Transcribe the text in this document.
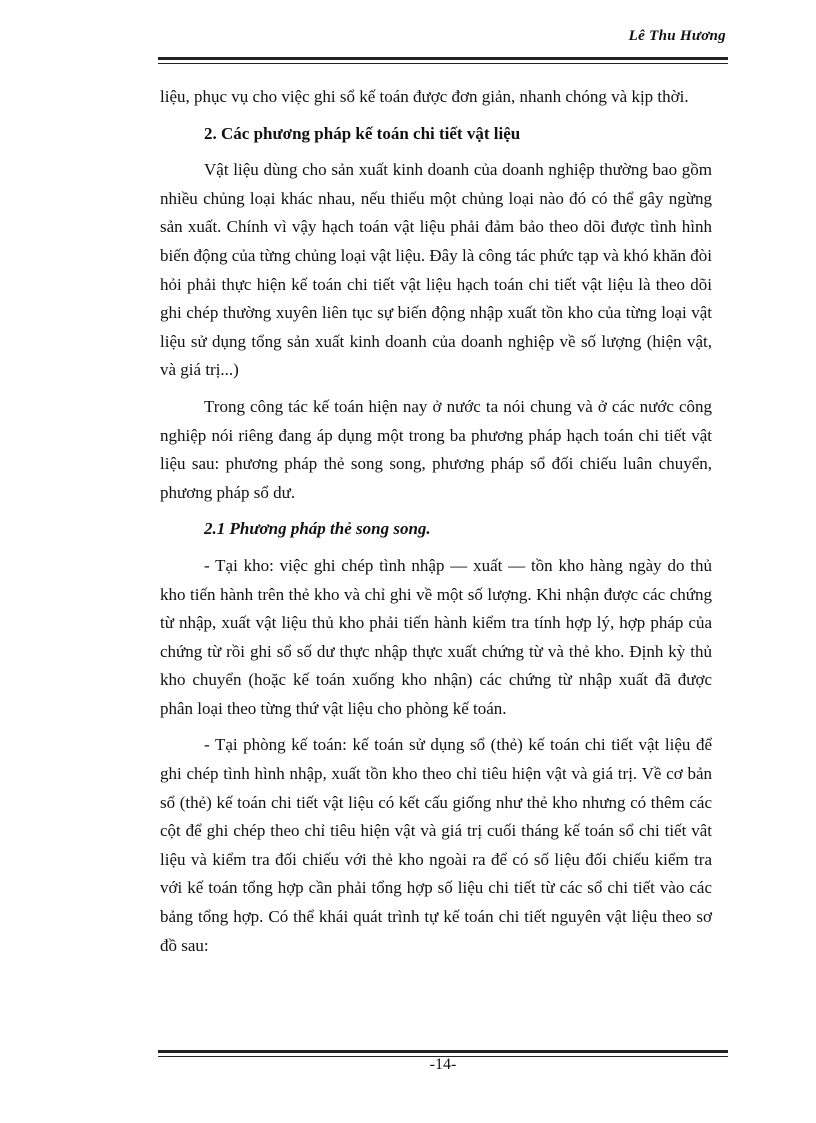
Lê Thu Hương

liệu, phục vụ cho việc ghi sổ kế toán được đơn giản, nhanh chóng và kịp thời.

2. Các phương pháp kế toán chi tiết vật liệu

Vật liệu dùng cho sản xuất kinh doanh của doanh nghiệp thường bao gồm nhiều chủng loại khác nhau, nếu thiếu một chủng loại nào đó có thể gây ngừng sản xuất. Chính vì vậy hạch toán vật liệu phải đảm bảo theo dõi được tình hình biến động của từng chủng loại vật liệu. Đây là công tác phức tạp và khó khăn đòi hỏi phải thực hiện kế toán chi tiết vật liệu hạch toán chi tiết vật liệu là theo dõi ghi chép thường xuyên liên tục sự biến động nhập xuất tồn kho của từng loại vật liệu sử dụng tổng sản xuất kinh doanh của doanh nghiệp về số lượng (hiện vật, và giá trị...)

Trong công tác kế toán hiện nay ở nước ta nói chung và ở các nước công nghiệp nói riêng đang áp dụng một trong ba phương pháp hạch toán chi tiết vật liệu sau: phương pháp thẻ song song, phương pháp sổ đối chiếu luân chuyển, phương pháp sổ dư.

2.1 Phương pháp thẻ song song.

- Tại kho: việc ghi chép tình nhập — xuất — tồn kho hàng ngày do thủ kho tiến hành trên thẻ kho và chỉ ghi về một số lượng. Khi nhận được các chứng từ nhập, xuất vật liệu thủ kho phải tiến hành kiểm tra tính hợp lý, hợp pháp của chứng từ rồi ghi sổ số dư thực nhập thực xuất chứng từ và thẻ kho. Định kỳ thủ kho chuyển (hoặc kế toán xuống kho nhận) các chứng từ nhập xuất đã được phân loại theo từng thứ vật liệu cho phòng kế toán.

- Tại phòng kế toán: kế toán sử dụng sổ (thẻ) kế toán chi tiết vật liệu để ghi chép tình hình nhập, xuất tồn kho theo chỉ tiêu hiện vật và giá trị. Về cơ bản sổ (thẻ) kế toán chi tiết vật liệu có kết cấu giống như thẻ kho nhưng có thêm các cột để ghi chép theo chỉ tiêu hiện vật và giá trị cuối tháng kế toán sổ chi tiết vât liệu và kiểm tra đối chiếu với thẻ kho ngoài ra để có số liệu đối chiếu kiểm tra với kế toán tổng hợp cần phải tổng hợp số liệu chi tiết từ các sổ chi tiết vào các bảng tổng hợp. Có thể khái quát trình tự kế toán chi tiết nguyên vật liệu theo sơ đồ sau:

-14-
